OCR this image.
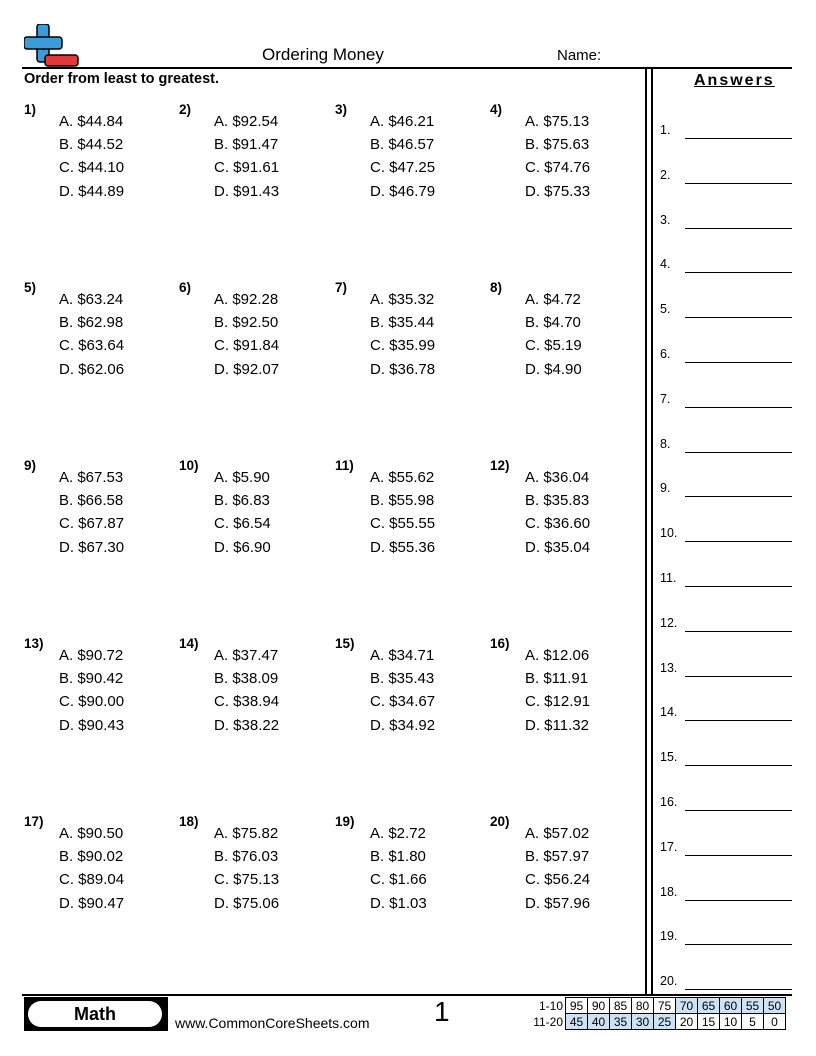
Ordering Money	Name:
Order from least to greatest.
1)
A. $44.84
B. $44.52
C. $44.10
D. $44.89
2)
A. $92.54
B. $91.47
C. $91.61
D. $91.43
3)
A. $46.21
B. $46.57
C. $47.25
D. $46.79
4)
A. $75.13
B. $75.63
C. $74.76
D. $75.33
5)
A. $63.24
B. $62.98
C. $63.64
D. $62.06
6)
A. $92.28
B. $92.50
C. $91.84
D. $92.07
7)
A. $35.32
B. $35.44
C. $35.99
D. $36.78
8)
A. $4.72
B. $4.70
C. $5.19
D. $4.90
9)
A. $67.53
B. $66.58
C. $67.87
D. $67.30
10)
A. $5.90
B. $6.83
C. $6.54
D. $6.90
11)
A. $55.62
B. $55.98
C. $55.55
D. $55.36
12)
A. $36.04
B. $35.83
C. $36.60
D. $35.04
13)
A. $90.72
B. $90.42
C. $90.00
D. $90.43
14)
A. $37.47
B. $38.09
C. $38.94
D. $38.22
15)
A. $34.71
B. $35.43
C. $34.67
D. $34.92
16)
A. $12.06
B. $11.91
C. $12.91
D. $11.32
17)
A. $90.50
B. $90.02
C. $89.04
D. $90.47
18)
A. $75.82
B. $76.03
C. $75.13
D. $75.06
19)
A. $2.72
B. $1.80
C. $1.66
D. $1.03
20)
A. $57.02
B. $57.97
C. $56.24
D. $57.96
Answers
1.
2.
3.
4.
5.
6.
7.
8.
9.
10.
11.
12.
13.
14.
15.
16.
17.
18.
19.
20.
Math	www.CommonCoreSheets.com 1	1-10	95	90	85	80	75	70	65	60	55	50
11-20	45	40	35	30	25	20	15	10	5	0
